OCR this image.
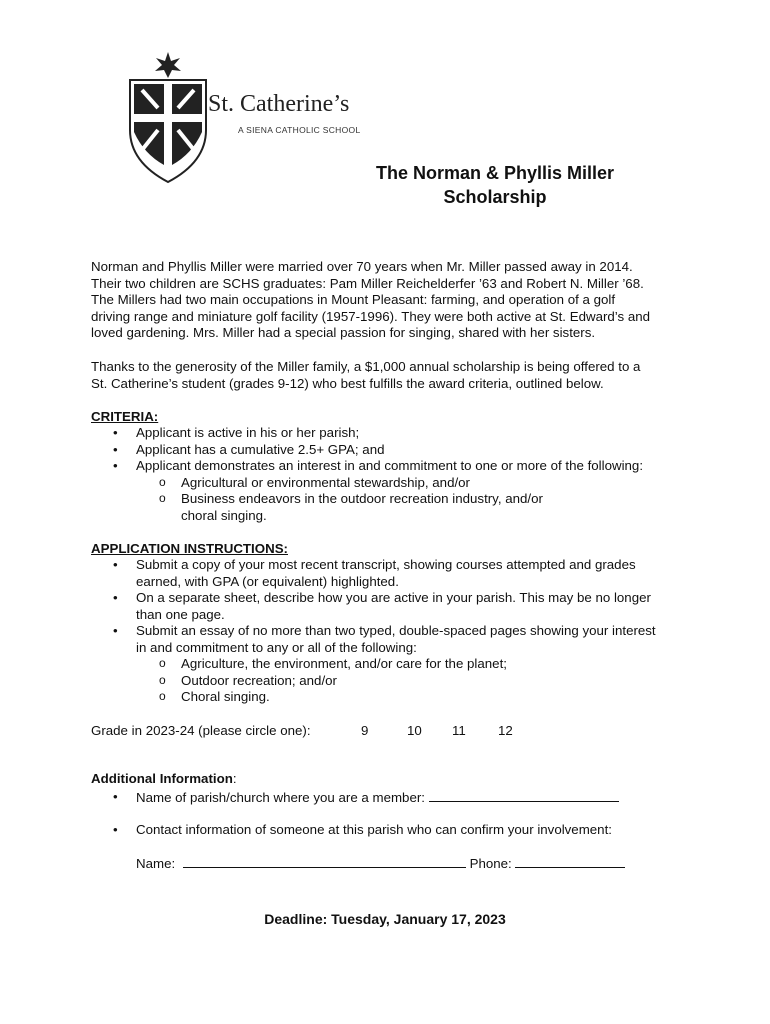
St. Catherine’s
A SIENA CATHOLIC SCHOOL
The Norman & Phyllis Miller
Scholarship
Norman and Phyllis Miller were married over 70 years when Mr. Miller passed away in 2014.
Their two children are SCHS graduates: Pam Miller Reichelderfer ’63 and Robert N. Miller ’68.
The Millers had two main occupations in Mount Pleasant: farming, and operation of a golf
driving range and miniature golf facility (1957-1996). They were both active at St. Edward’s and
loved gardening. Mrs. Miller had a special passion for singing, shared with her sisters.
Thanks to the generosity of the Miller family, a $1,000 annual scholarship is being offered to a
St. Catherine’s student (grades 9-12) who best fulfills the award criteria, outlined below.
CRITERIA:
• Applicant is active in his or her parish;
• Applicant has a cumulative 2.5+ GPA; and
• Applicant demonstrates an interest in and commitment to one or more of the following:
o Agricultural or environmental stewardship, and/or
o Business endeavors in the outdoor recreation industry, and/or
choral singing.
APPLICATION INSTRUCTIONS:
• Submit a copy of your most recent transcript, showing courses attempted and grades
earned, with GPA (or equivalent) highlighted.
• On a separate sheet, describe how you are active in your parish. This may be no longer
than one page.
• Submit an essay of no more than two typed, double-spaced pages showing your interest
in and commitment to any or all of the following:
o Agriculture, the environment, and/or care for the planet;
o Outdoor recreation; and/or
o Choral singing.
Grade in 2023-24 (please circle one):	9	10 11 12
Additional Information:
• Name of parish/church where you are a member:
• Contact information of someone at this parish who can confirm your involvement:
Name:	Phone:
Deadline: Tuesday, January 17, 2023
